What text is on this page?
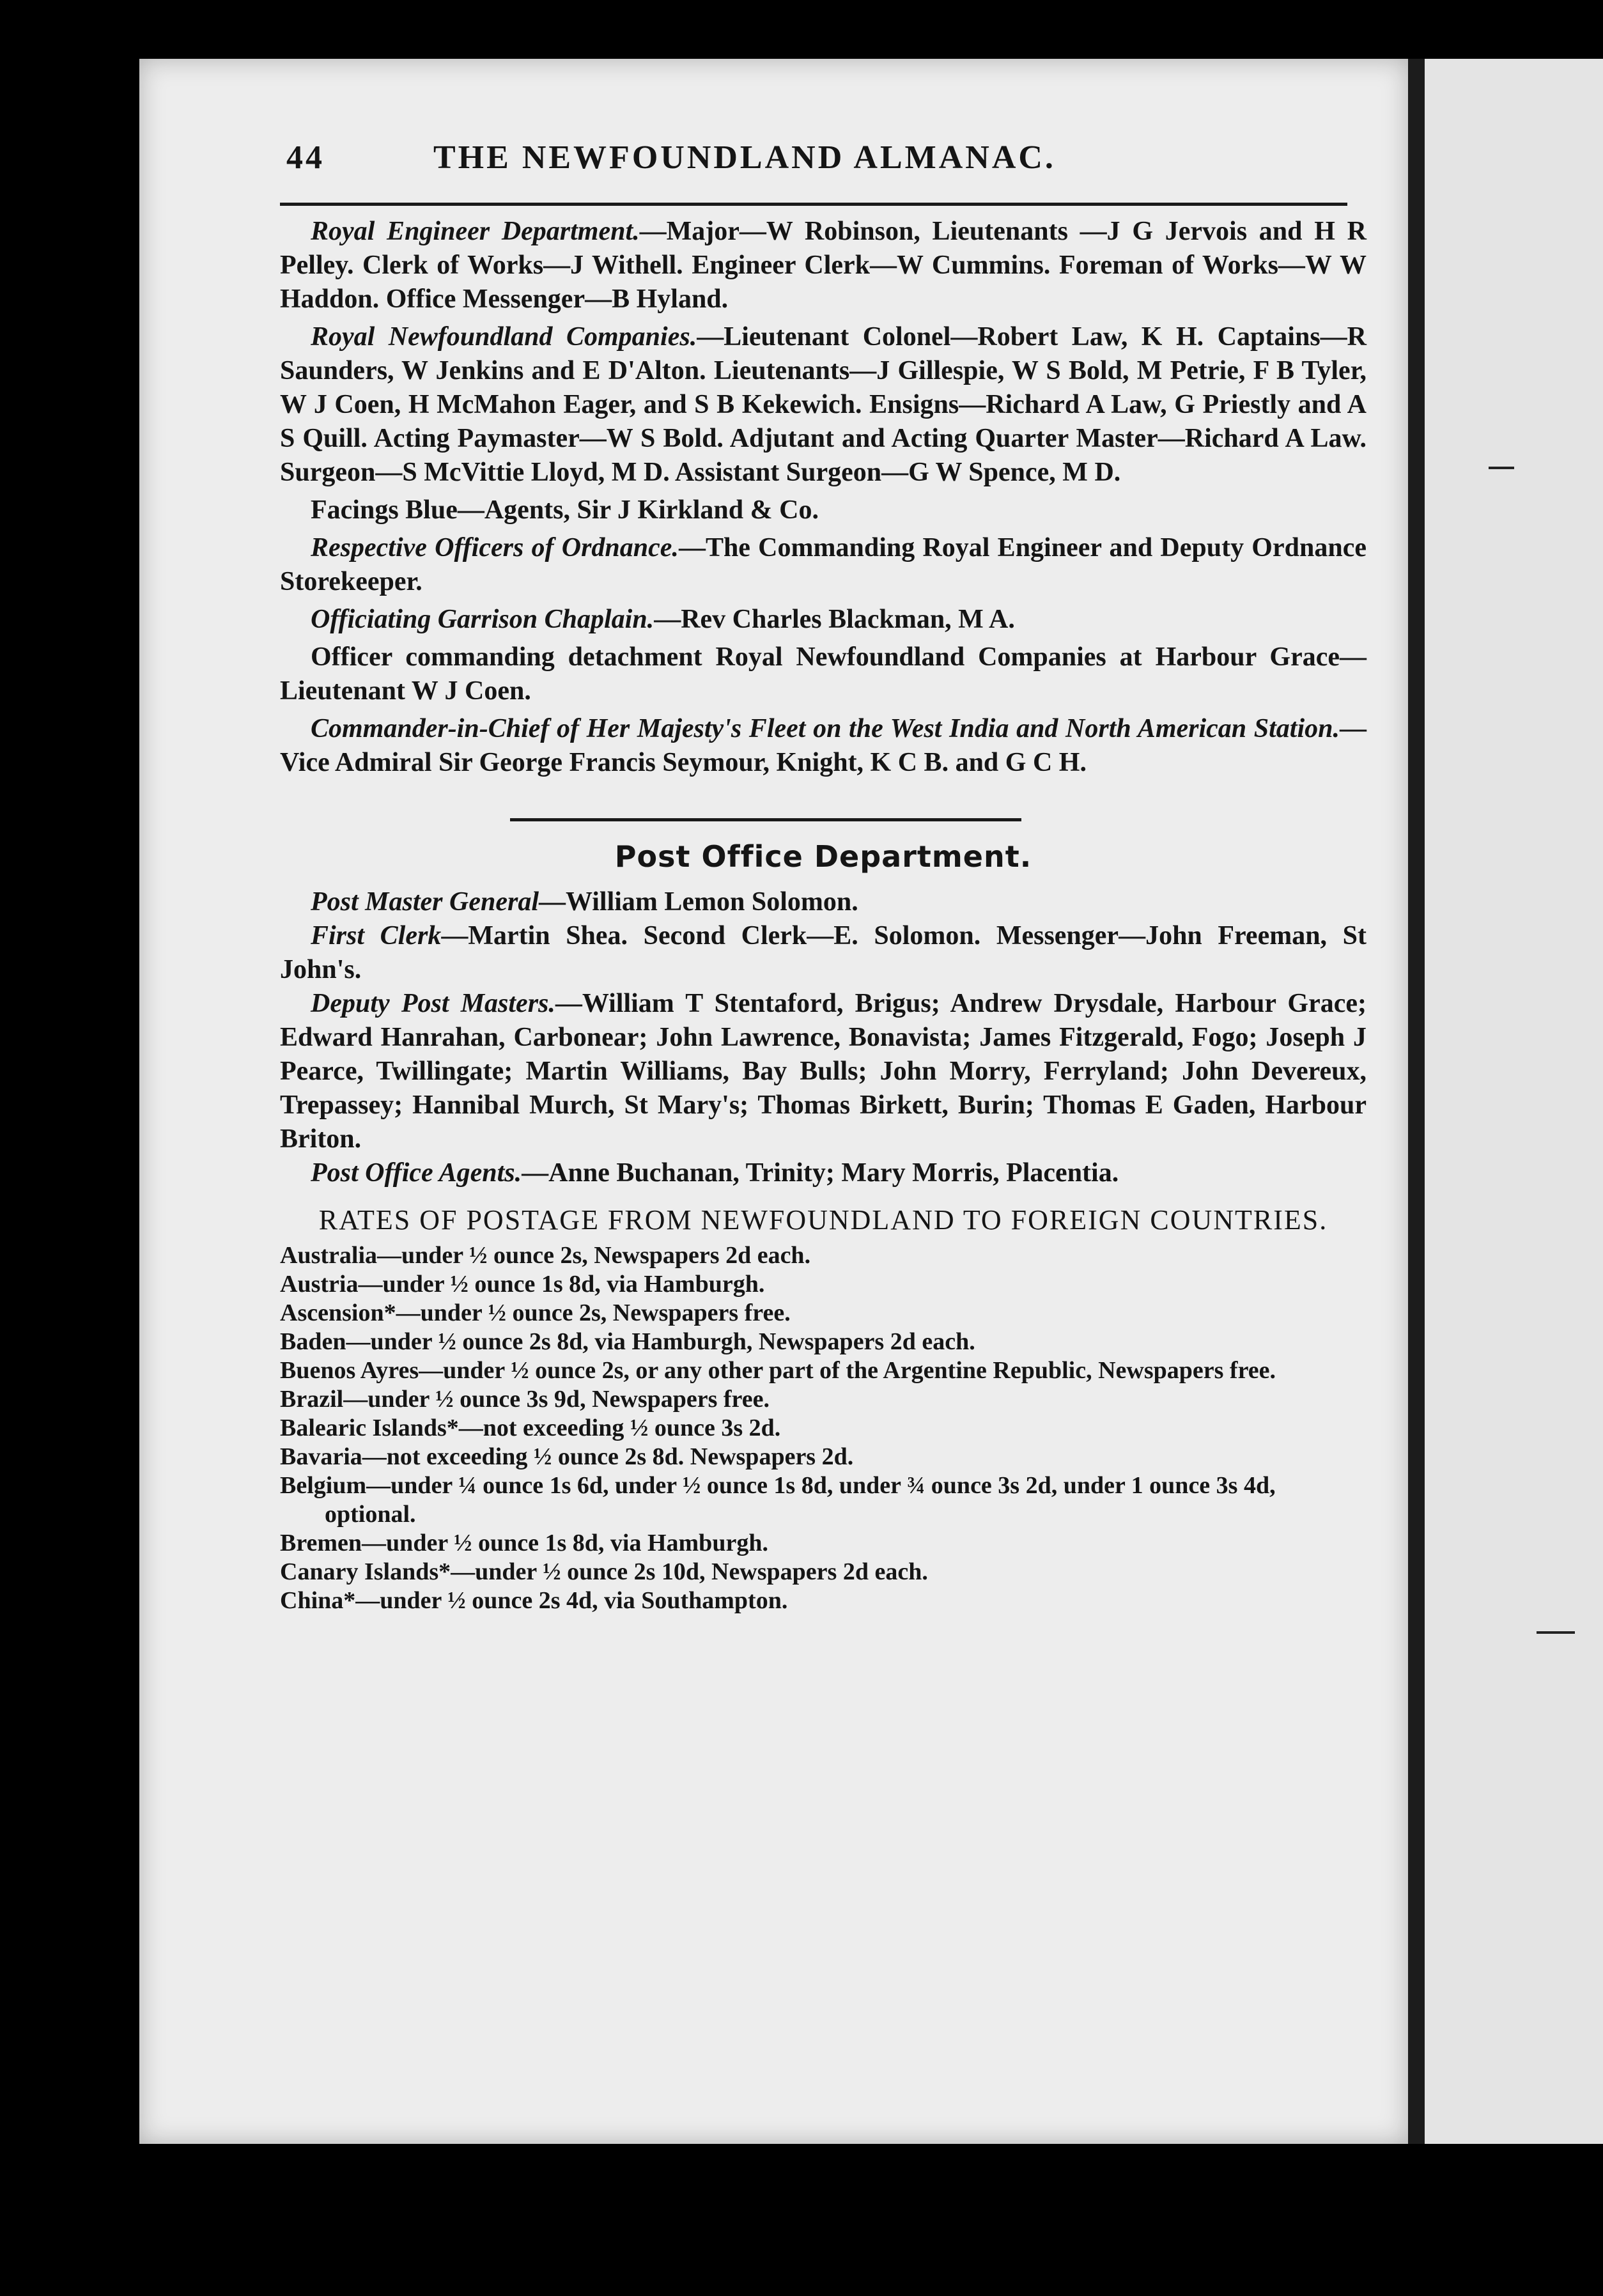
44	THE NEWFOUNDLAND ALMANAC.

Royal Engineer Department.—Major—W Robinson, Lieutenants —J G Jervois and H R Pelley. Clerk of Works—J Withell. Engineer Clerk—W Cummins. Foreman of Works—W W Haddon. Office Messenger—B Hyland.

Royal Newfoundland Companies.—Lieutenant Colonel—Robert Law, K H. Captains—R Saunders, W Jenkins and E D'Alton. Lieutenants—J Gillespie, W S Bold, M Petrie, F B Tyler, W J Coen, H McMahon Eager, and S B Kekewich. Ensigns—Richard A Law, G Priestly and A S Quill. Acting Paymaster—W S Bold. Adjutant and Acting Quarter Master—Richard A Law. Surgeon—S McVittie Lloyd, M D. Assistant Surgeon—G W Spence, M D.

Facings Blue—Agents, Sir J Kirkland & Co.

Respective Officers of Ordnance.—The Commanding Royal Engineer and Deputy Ordnance Storekeeper.

Officiating Garrison Chaplain.—Rev Charles Blackman, M A.

Officer commanding detachment Royal Newfoundland Companies at Harbour Grace—Lieutenant W J Coen.

Commander-in-Chief of Her Majesty's Fleet on the West India and North American Station.—Vice Admiral Sir George Francis Seymour, Knight, K C B. and G C H.

Post Office Department.

Post Master General—William Lemon Solomon.

First Clerk—Martin Shea. Second Clerk—E. Solomon. Messenger—John Freeman, St John's.

Deputy Post Masters.—William T Stentaford, Brigus; Andrew Drysdale, Harbour Grace; Edward Hanrahan, Carbonear; John Lawrence, Bonavista; James Fitzgerald, Fogo; Joseph J Pearce, Twillingate; Martin Williams, Bay Bulls; John Morry, Ferryland; John Devereux, Trepassey; Hannibal Murch, St Mary's; Thomas Birkett, Burin; Thomas E Gaden, Harbour Briton.

Post Office Agents.—Anne Buchanan, Trinity; Mary Morris, Placentia.

RATES OF POSTAGE FROM NEWFOUNDLAND TO FOREIGN COUNTRIES.

Australia—under ½ ounce 2s, Newspapers 2d each.

Austria—under ½ ounce 1s 8d, via Hamburgh.

Ascension*—under ½ ounce 2s, Newspapers free.

Baden—under ½ ounce 2s 8d, via Hamburgh, Newspapers 2d each.

Buenos Ayres—under ½ ounce 2s, or any other part of the Argentine Republic, Newspapers free.

Brazil—under ½ ounce 3s 9d, Newspapers free.

Balearic Islands*—not exceeding ½ ounce 3s 2d.

Bavaria—not exceeding ½ ounce 2s 8d. Newspapers 2d.

Belgium—under ¼ ounce 1s 6d, under ½ ounce 1s 8d, under ¾ ounce 3s 2d, under 1 ounce 3s 4d, optional.

Bremen—under ½ ounce 1s 8d, via Hamburgh.

Canary Islands*—under ½ ounce 2s 10d, Newspapers 2d each.

China*—under ½ ounce 2s 4d, via Southampton.
